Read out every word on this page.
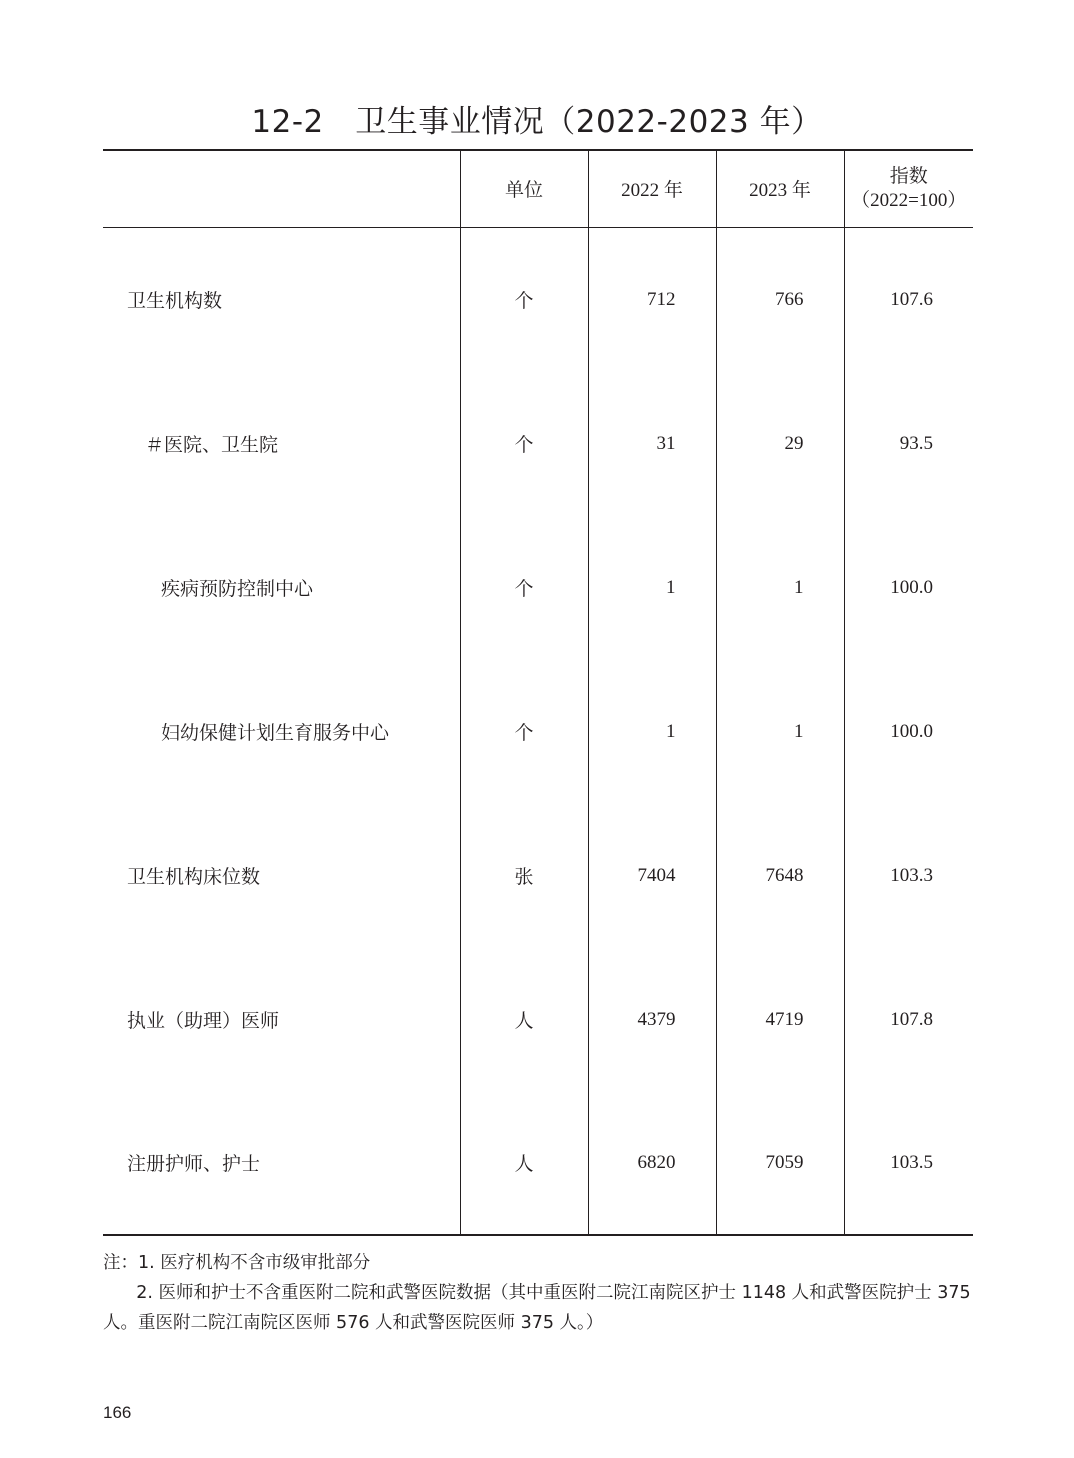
12-2　卫生事业情况（2022-2023 年）
	单位	2022 年	2023 年	指数
（2022=100）

卫生机构数	个	712	766	107.6
＃医院、卫生院	个	31	29	93.5
疾病预防控制中心	个	1	1	100.0
妇幼保健计划生育服务中心	个	1	1	100.0
卫生机构床位数	张	7404	7648	103.3
执业（助理）医师	人	4379	4719	107.8
注册护师、护士	人	6820	7059	103.5

注：1. 医疗机构不含市级审批部分

2. 医师和护士不含重医附二院和武警医院数据（其中重医附二院江南院区护士 1148 人和武警医院护士 375 人。重医附二院江南院区医师 576 人和武警医院医师 375 人。）

166
